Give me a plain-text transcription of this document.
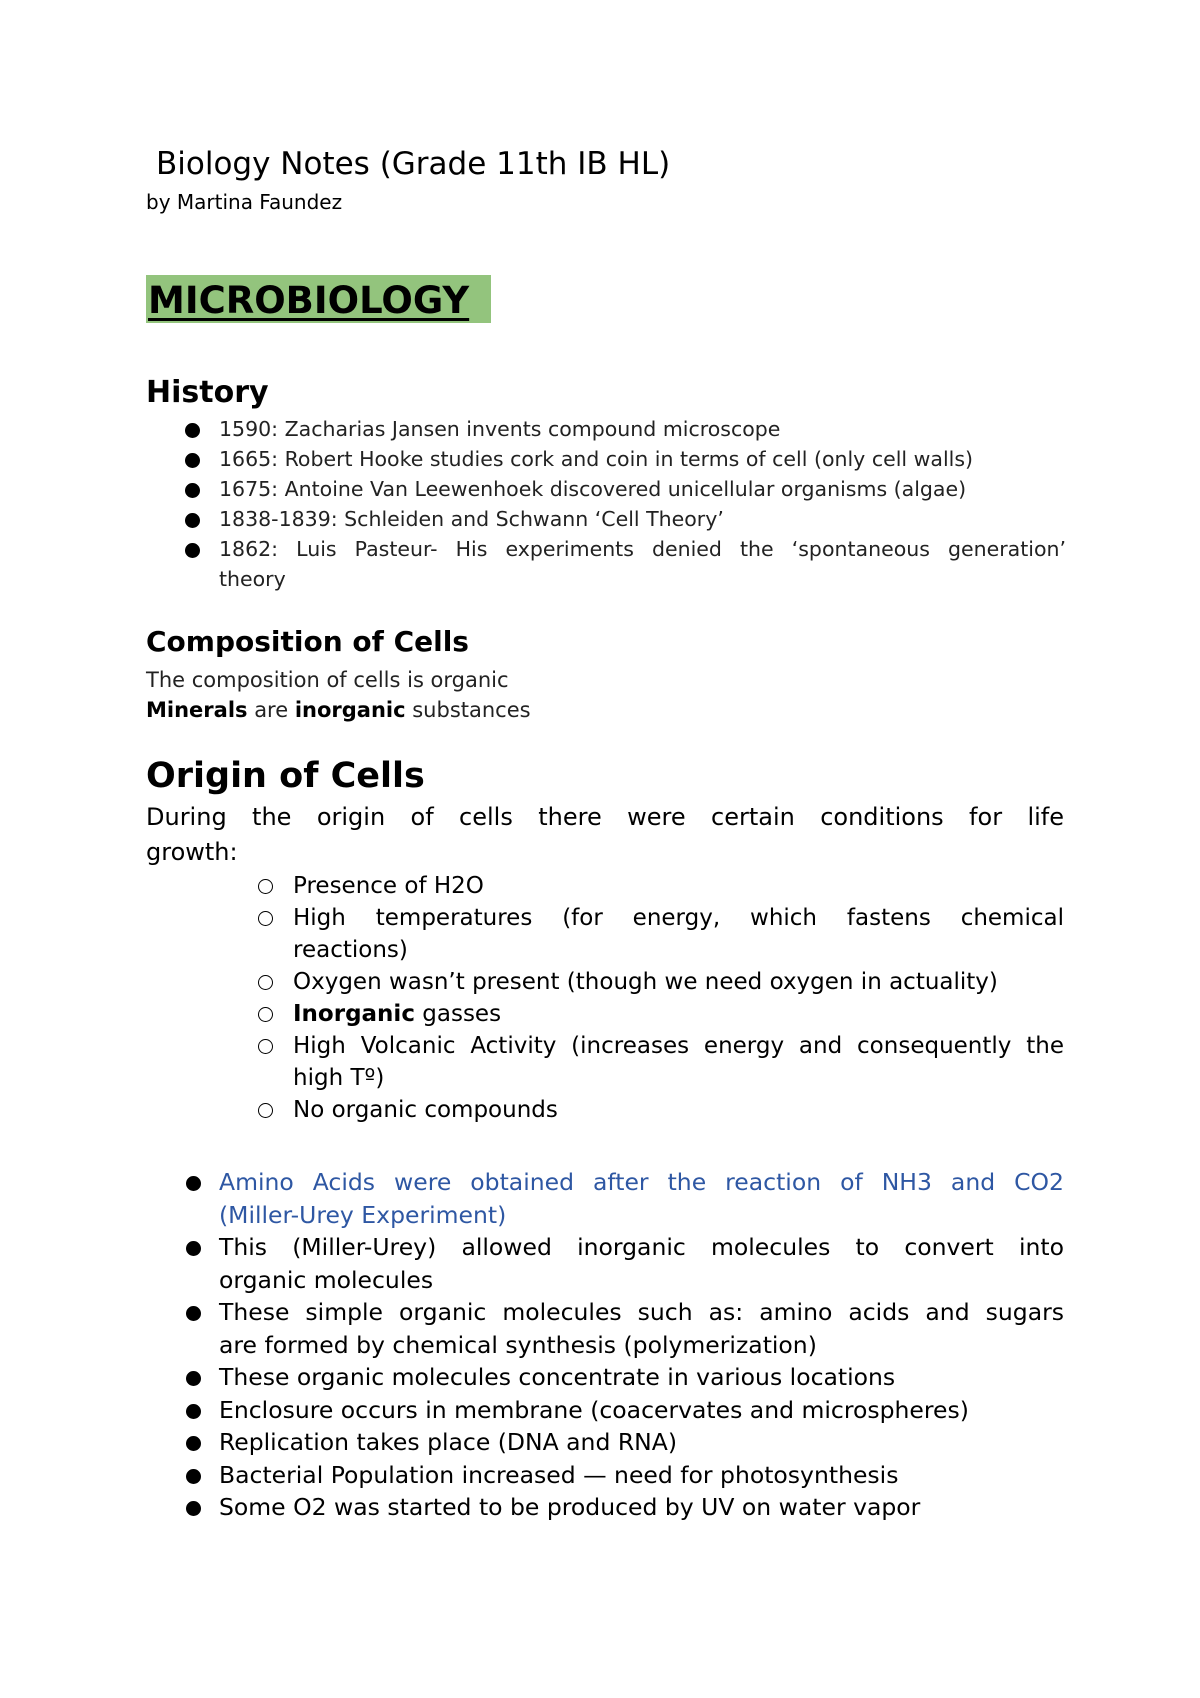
Biology Notes (Grade 11th IB HL)
by Martina Faundez
MICROBIOLOGY
History
1590: Zacharias Jansen invents compound microscope
1665: Robert Hooke studies cork and coin in terms of cell (only cell walls)
1675: Antoine Van Leewenhoek discovered unicellular organisms (algae)
1838-1839: Schleiden and Schwann ‘Cell Theory’
1862: Luis Pasteur- His experiments denied the ‘spontaneous generation’
theory
Composition of Cells
The composition of cells is organic
Minerals are inorganic substances
Origin of Cells
During the origin of cells there were certain conditions for life
growth:
Presence of H2O
High temperatures (for energy, which fastens chemical
reactions)
Oxygen wasn’t present (though we need oxygen in actuality)
Inorganic gasses
High Volcanic Activity (increases energy and consequently the
high Tº)
No organic compounds
Amino Acids were obtained after the reaction of NH3 and CO2
(Miller-Urey Experiment)
This (Miller-Urey) allowed inorganic molecules to convert into
organic molecules
These simple organic molecules such as: amino acids and sugars
are formed by chemical synthesis (polymerization)
These organic molecules concentrate in various locations
Enclosure occurs in membrane (coacervates and microspheres)
Replication takes place (DNA and RNA)
Bacterial Population increased — need for photosynthesis
Some O2 was started to be produced by UV on water vapor
